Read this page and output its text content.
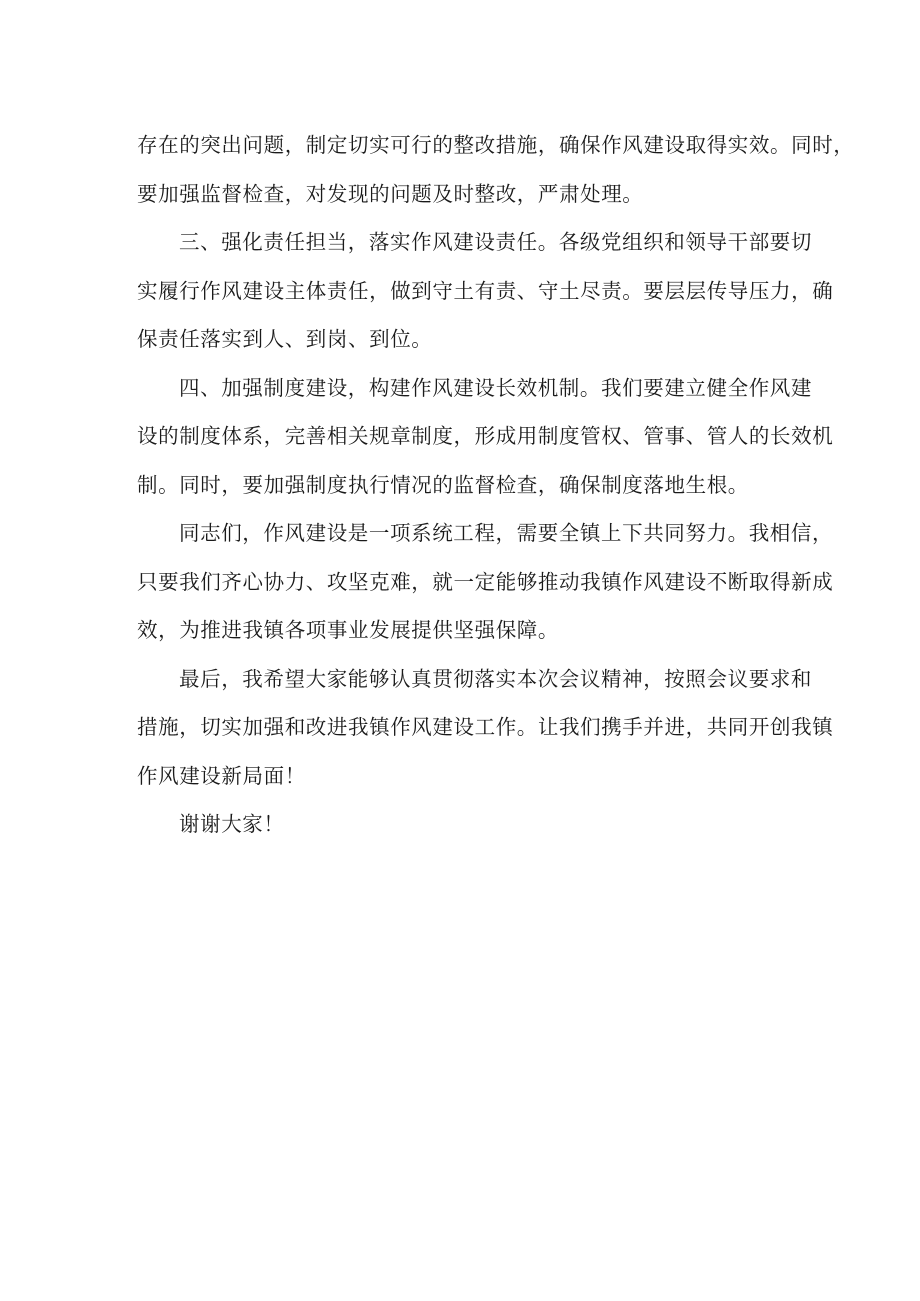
存在的突出问题，制定切实可行的整改措施，确保作风建设取得实效。同时，
要加强监督检查，对发现的问题及时整改，严肃处理。
三、强化责任担当，落实作风建设责任。各级党组织和领导干部要切
实履行作风建设主体责任，做到守土有责、守土尽责。要层层传导压力，确
保责任落实到人、到岗、到位。
四、加强制度建设，构建作风建设长效机制。我们要建立健全作风建
设的制度体系，完善相关规章制度，形成用制度管权、管事、管人的长效机
制。同时，要加强制度执行情况的监督检查，确保制度落地生根。
同志们，作风建设是一项系统工程，需要全镇上下共同努力。我相信，
只要我们齐心协力、攻坚克难，就一定能够推动我镇作风建设不断取得新成
效，为推进我镇各项事业发展提供坚强保障。
最后，我希望大家能够认真贯彻落实本次会议精神，按照会议要求和
措施，切实加强和改进我镇作风建设工作。让我们携手并进，共同开创我镇
作风建设新局面！
谢谢大家！
